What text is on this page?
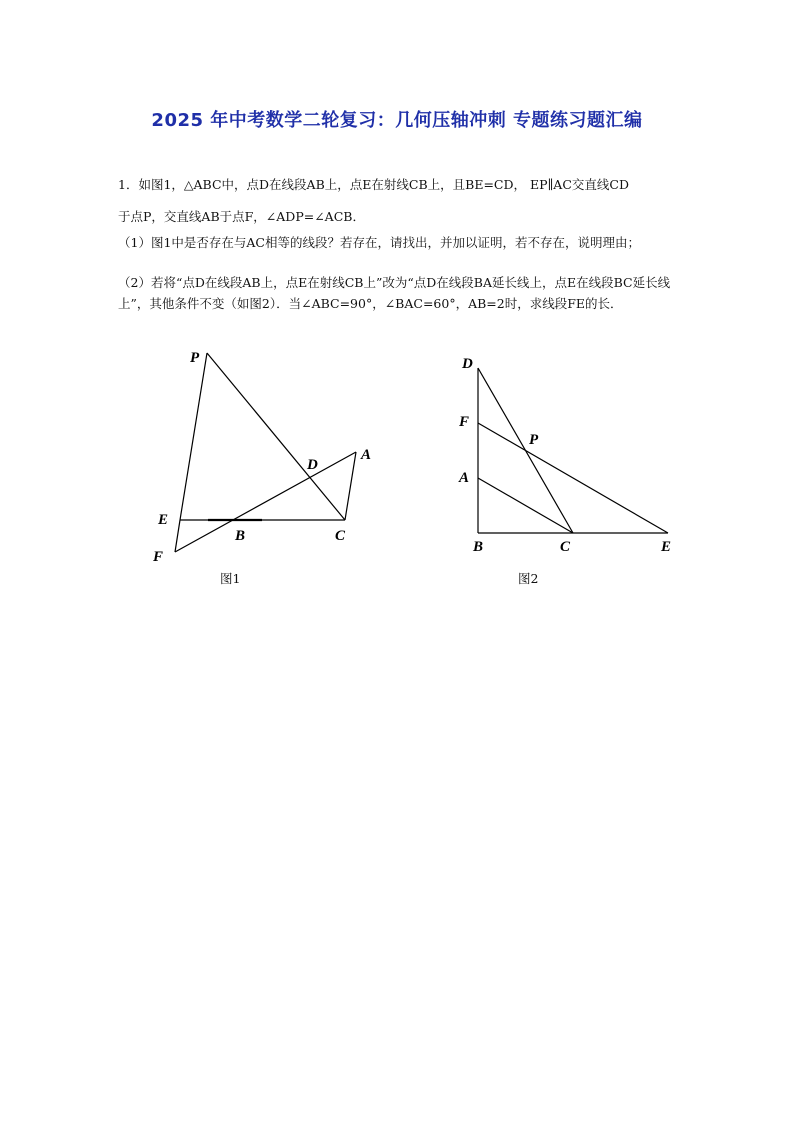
2025 年中考数学二轮复习：几何压轴冲刺 专题练习题汇编
1．如图1，△ABC中，点D在线段AB上，点E在射线CB上，且BE=CD， EP∥AC交直线CD
于点P，交直线AB于点F，∠ADP=∠ACB．
（1）图1中是否存在与AC相等的线段？若存在，请找出，并加以证明，若不存在，说明理由；
（2）若将“点D在线段AB上，点E在射线CB上”改为“点D在线段BA延长线上，点E在线段BC延长线上”，其他条件不变（如图2）．当∠ABC=90°，∠BAC=60°，AB=2时，求线段FE的长．
P
D
A
E
B	C
F
图1
D
F
P
A
B	C	E
图2
